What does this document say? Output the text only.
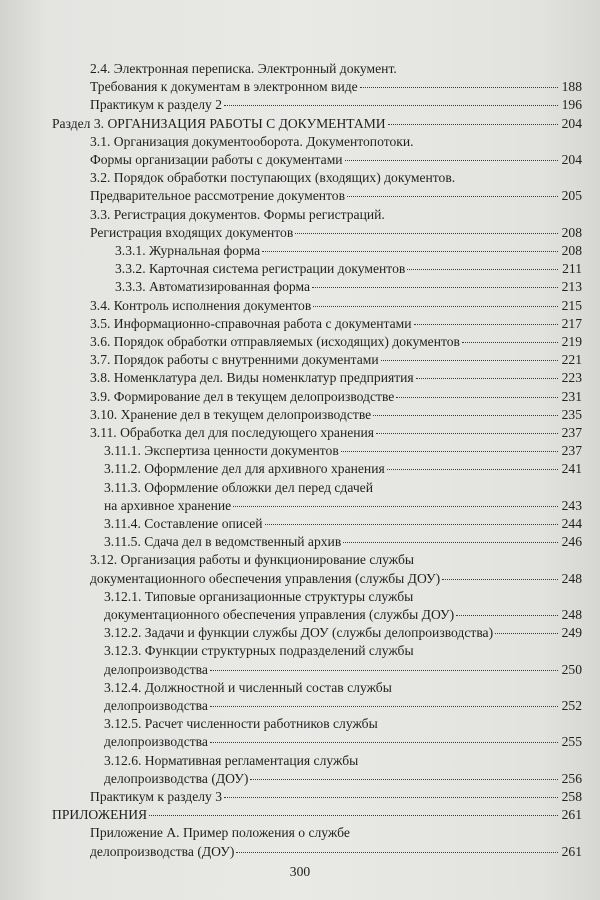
2.4. Электронная переписка. Электронный документ.
Требования к документам в электронном виде	188
Практикум к разделу 2	196
Раздел 3. ОРГАНИЗАЦИЯ РАБОТЫ С ДОКУМЕНТАМИ	204
3.1. Организация документооборота. Документопотоки.
Формы организации работы с документами	204
3.2. Порядок обработки поступающих (входящих) документов.
Предварительное рассмотрение документов	205
3.3. Регистрация документов. Формы регистраций.
Регистрация входящих документов	208
3.3.1. Журнальная форма	208
3.3.2. Карточная система регистрации документов	211
3.3.3. Автоматизированная форма	213
3.4. Контроль исполнения документов	215
3.5. Информационно-справочная работа с документами	217
3.6. Порядок обработки отправляемых (исходящих) документов	219
3.7. Порядок работы с внутренними документами	221
3.8. Номенклатура дел. Виды номенклатур предприятия	223
3.9. Формирование дел в текущем делопроизводстве	231
3.10. Хранение дел в текущем делопроизводстве	235
3.11. Обработка дел для последующего хранения	237
3.11.1. Экспертиза ценности документов	237
3.11.2. Оформление дел для архивного хранения	241
3.11.3. Оформление обложки дел перед сдачей
на архивное хранение	243
3.11.4. Составление описей	244
3.11.5. Сдача дел в ведомственный архив	246
3.12. Организация работы и функционирование службы
документационного обеспечения управления (службы ДОУ)	248
3.12.1. Типовые организационные структуры службы
документационного обеспечения управления (службы ДОУ)	248
3.12.2. Задачи и функции службы ДОУ (службы делопроизводства)	249
3.12.3. Функции структурных подразделений службы
делопроизводства	250
3.12.4. Должностной и численный состав службы
делопроизводства	252
3.12.5. Расчет численности работников службы
делопроизводства	255
3.12.6. Нормативная регламентация службы
делопроизводства (ДОУ)	256
Практикум к разделу 3	258
ПРИЛОЖЕНИЯ	261
Приложение А. Пример положения о службе
делопроизводства (ДОУ)	261
300
